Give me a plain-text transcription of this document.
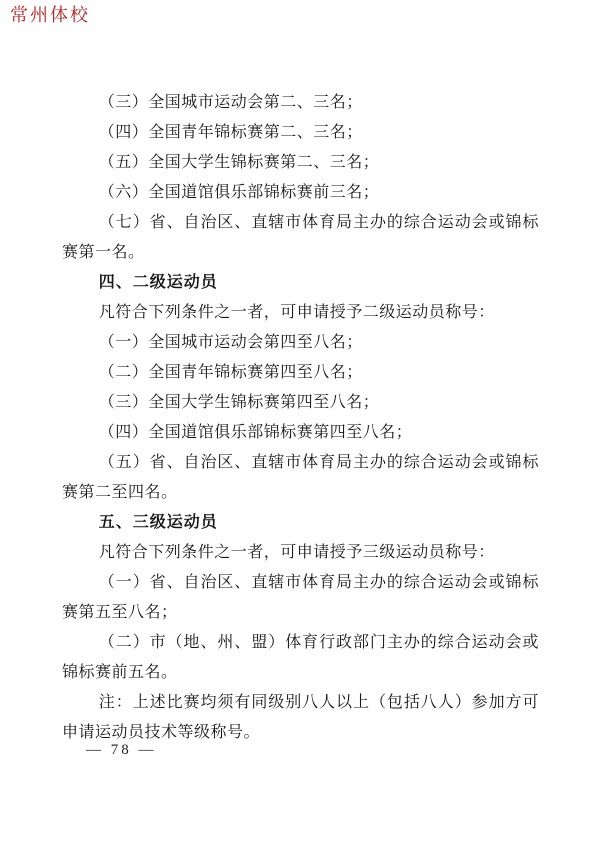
常州体校

（三）全国城市运动会第二、三名；

（四）全国青年锦标赛第二、三名；

（五）全国大学生锦标赛第二、三名；

（六）全国道馆俱乐部锦标赛前三名；

（七）省、自治区、直辖市体育局主办的综合运动会或锦标赛第一名。

四、二级运动员

凡符合下列条件之一者，可申请授予二级运动员称号：

（一）全国城市运动会第四至八名；

（二）全国青年锦标赛第四至八名；

（三）全国大学生锦标赛第四至八名；

（四）全国道馆俱乐部锦标赛第四至八名；

（五）省、自治区、直辖市体育局主办的综合运动会或锦标赛第二至四名。

五、三级运动员

凡符合下列条件之一者，可申请授予三级运动员称号：

（一）省、自治区、直辖市体育局主办的综合运动会或锦标赛第五至八名；

（二）市（地、州、盟）体育行政部门主办的综合运动会或锦标赛前五名。

注：上述比赛均须有同级别八人以上（包括八人）参加方可申请运动员技术等级称号。

— 78 —
